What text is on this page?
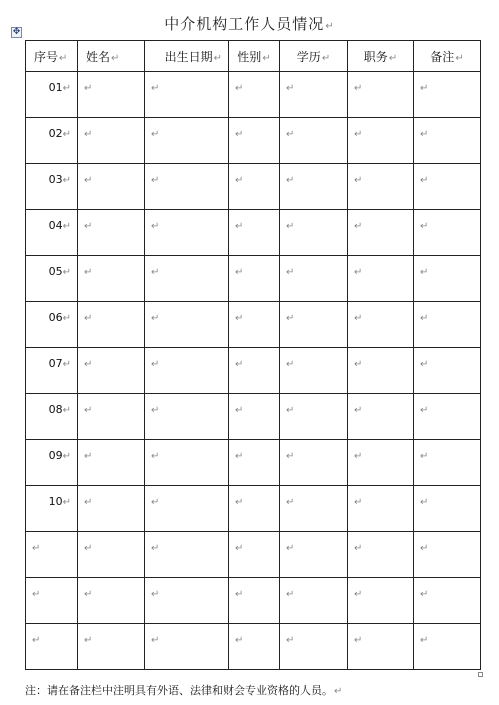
✥	中介机构工作人员情况↵
序号↵	姓名↵	出生日期↵	性别↵	学历↵	职务↵	备注↵
01↵	↵	↵	↵	↵	↵	↵
02↵	↵	↵	↵	↵	↵	↵
03↵	↵	↵	↵	↵	↵	↵
04↵	↵	↵	↵	↵	↵	↵
05↵	↵	↵	↵	↵	↵	↵
06↵	↵	↵	↵	↵	↵	↵
07↵	↵	↵	↵	↵	↵	↵
08↵	↵	↵	↵	↵	↵	↵
09↵	↵	↵	↵	↵	↵	↵
10↵	↵	↵	↵	↵	↵	↵
↵	↵	↵	↵	↵	↵	↵
↵	↵	↵	↵	↵	↵	↵
↵	↵	↵	↵	↵	↵	↵
注：请在备注栏中注明具有外语、法律和财会专业资格的人员。↵
